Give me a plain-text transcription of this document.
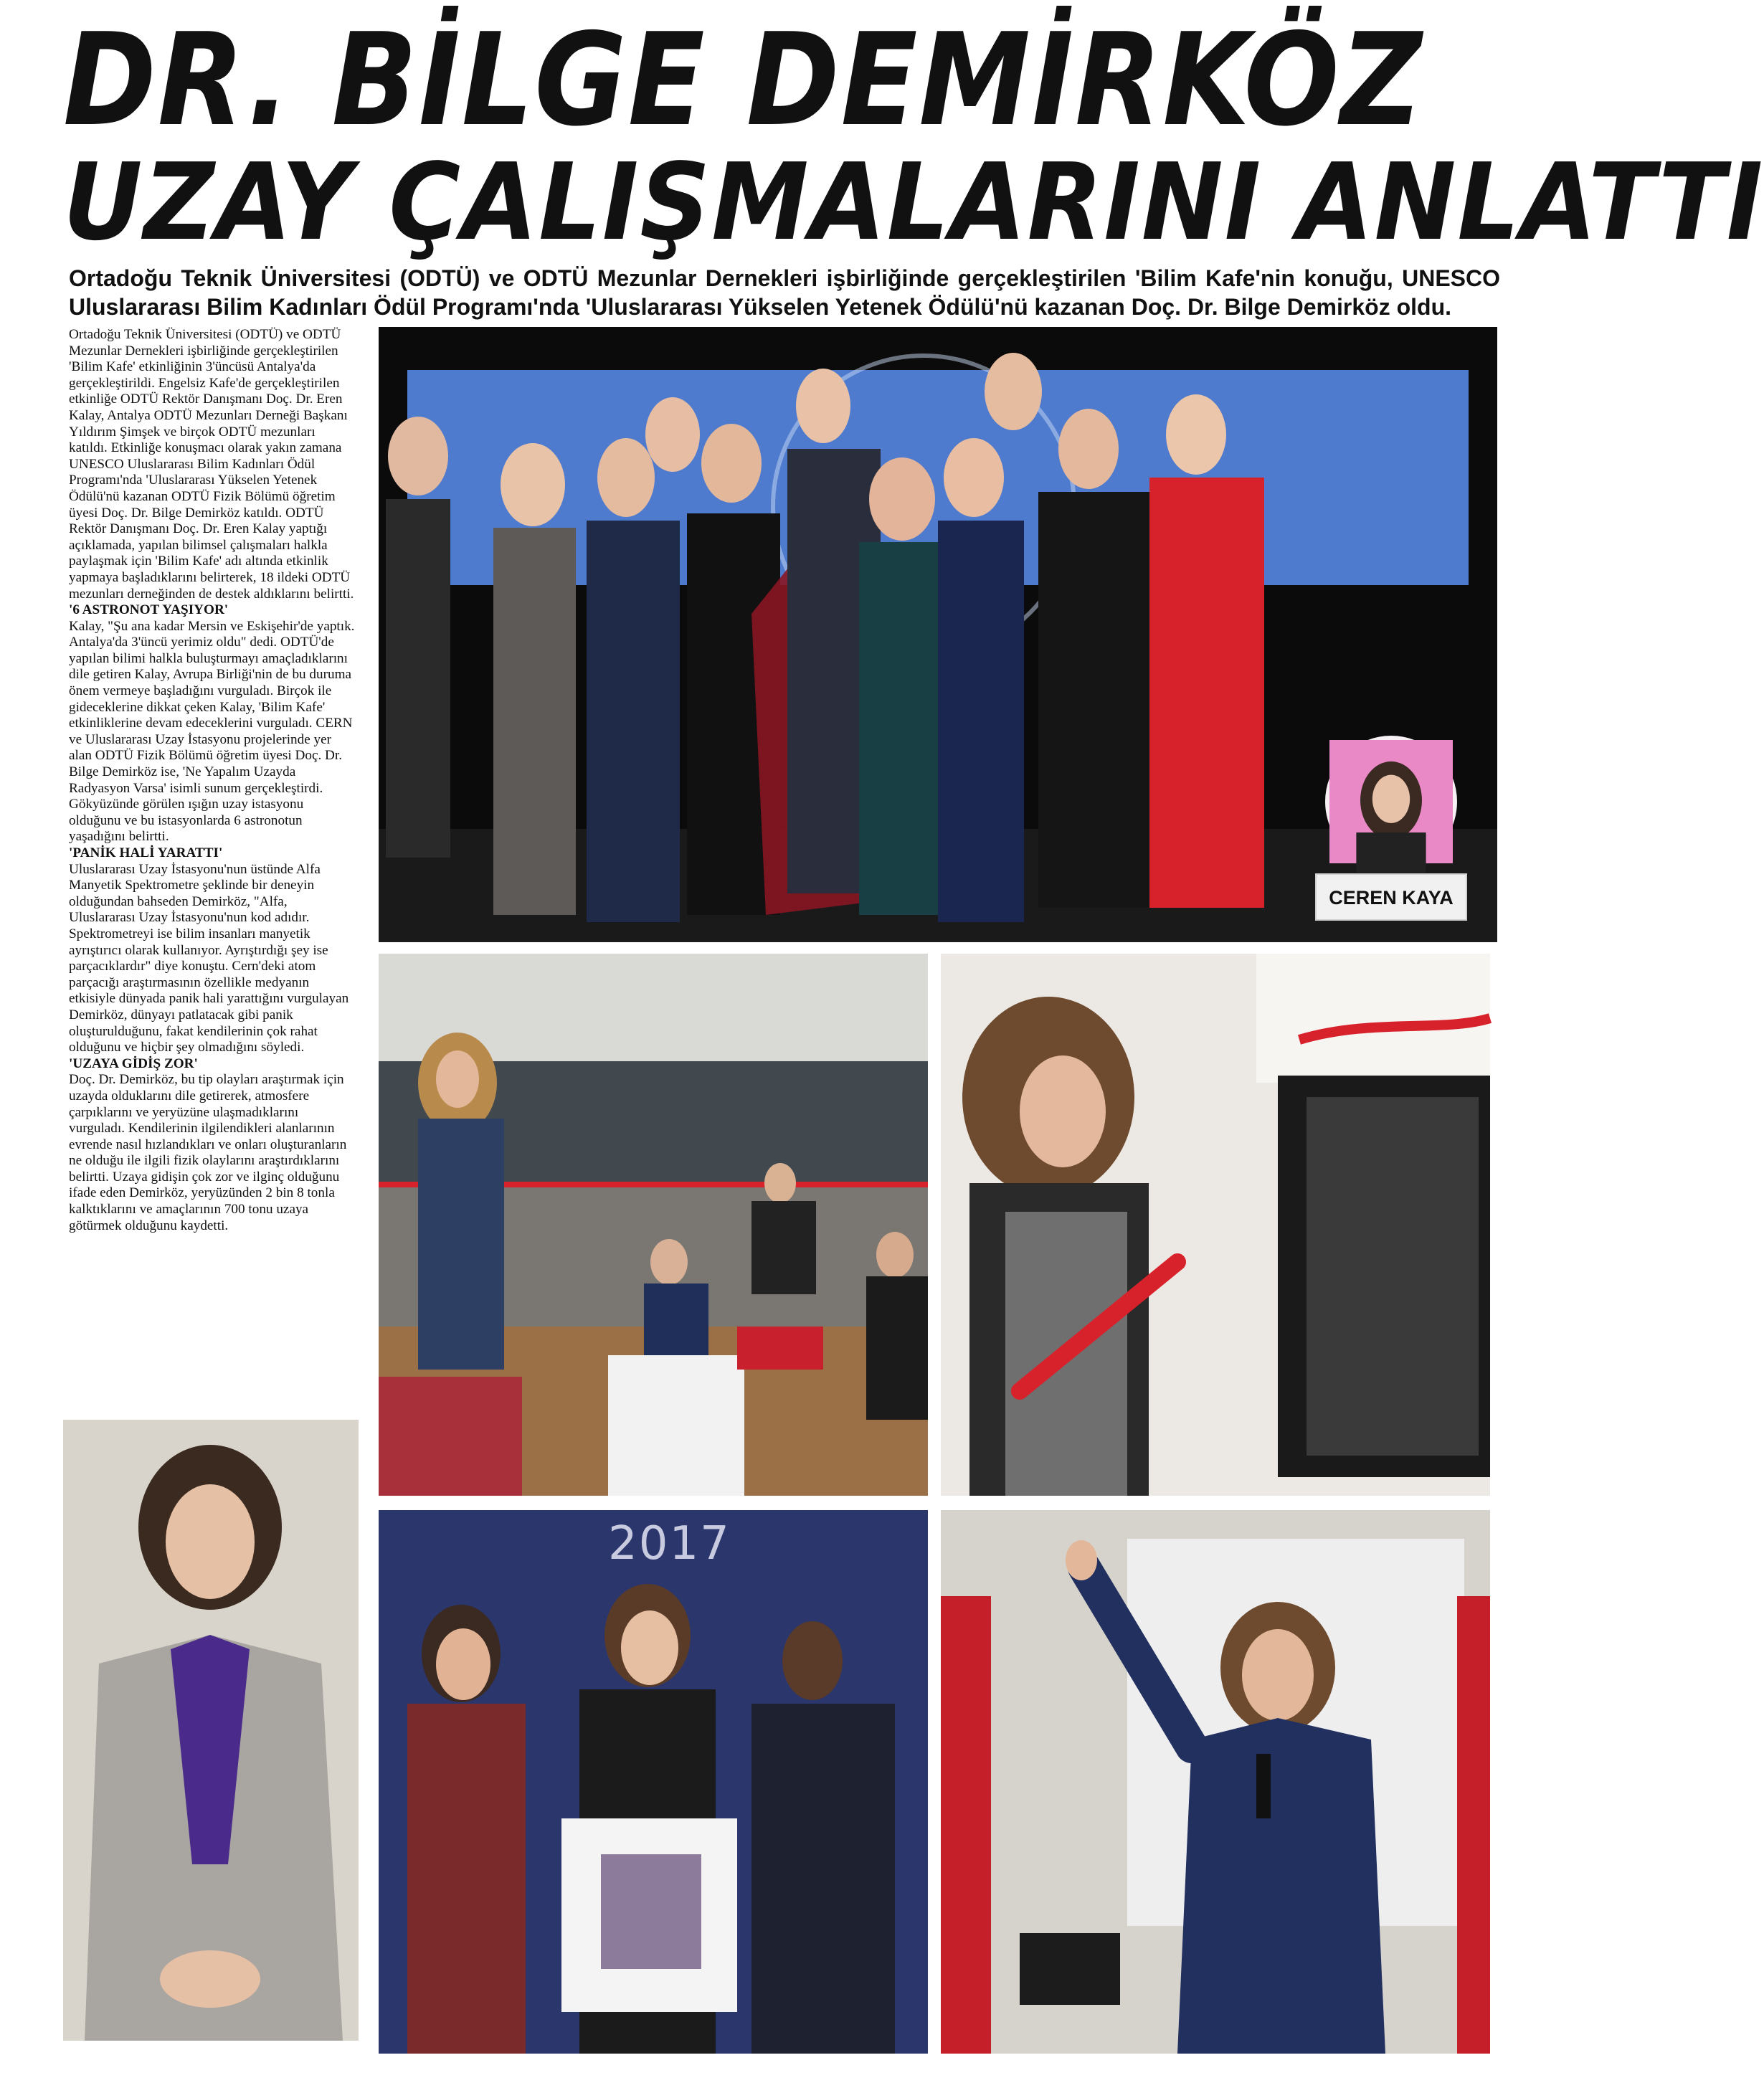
DR. BİLGE DEMİRKÖZ
UZAY ÇALIŞMALARINI ANLATTI

Ortadoğu Teknik Üniversitesi (ODTÜ) ve ODTÜ Mezunlar Dernekleri işbirliğinde gerçekleştirilen 'Bilim Kafe'nin konuğu, UNESCO Uluslararası Bilim Kadınları Ödül Programı'nda 'Uluslararası Yükselen Yetenek Ödülü'nü kazanan Doç. Dr. Bilge Demirköz oldu.

Ortadoğu Teknik Üniversitesi (ODTÜ) ve ODTÜ Mezunlar Dernekleri işbirliğinde gerçekleştirilen 'Bilim Kafe' etkinliğinin 3'üncüsü Antalya'da gerçekleştirildi. Engelsiz Kafe'de gerçekleştirilen etkinliğe ODTÜ Rektör Danışmanı Doç. Dr. Eren Kalay, Antalya ODTÜ Mezunları Derneği Başkanı Yıldırım Şimşek ve birçok ODTÜ mezunları katıldı. Etkinliğe konuşmacı olarak yakın zamana UNESCO Uluslararası Bilim Kadınları Ödül Programı'nda 'Uluslararası Yükselen Yetenek Ödülü'nü kazanan ODTÜ Fizik Bölümü öğretim üyesi Doç. Dr. Bilge Demirköz katıldı. ODTÜ Rektör Danışmanı Doç. Dr. Eren Kalay yaptığı açıklamada, yapılan bilimsel çalışmaları halkla paylaşmak için 'Bilim Kafe' adı altında etkinlik yapmaya başladıklarını belirterek, 18 ildeki ODTÜ mezunları derneğinden de destek aldıklarını belirtti.

'6 ASTRONOT YAŞIYOR'

Kalay, "Şu ana kadar Mersin ve Eskişehir'de yaptık. Antalya'da 3'üncü yerimiz oldu" dedi. ODTÜ'de yapılan bilimi halkla buluşturmayı amaçladıklarını dile getiren Kalay, Avrupa Birliği'nin de bu duruma önem vermeye başladığını vurguladı. Birçok ile gideceklerine dikkat çeken Kalay, 'Bilim Kafe' etkinliklerine devam edeceklerini vurguladı. CERN ve Uluslararası Uzay İstasyonu projelerinde yer alan ODTÜ Fizik Bölümü öğretim üyesi Doç. Dr. Bilge Demirköz ise, 'Ne Yapalım Uzayda Radyasyon Varsa' isimli sunum gerçekleştirdi. Gökyüzünde görülen ışığın uzay istasyonu olduğunu ve bu istasyonlarda 6 astronotun yaşadığını belirtti.

'PANİK HALİ YARATTI'

Uluslararası Uzay İstasyonu'nun üstünde Alfa Manyetik Spektrometre şeklinde bir deneyin olduğundan bahseden Demirköz, "Alfa, Uluslararası Uzay İstasyonu'nun kod adıdır. Spektrometreyi ise bilim insanları manyetik ayrıştırıcı olarak kullanıyor. Ayrıştırdığı şey ise parçacıklardır" diye konuştu. Cern'deki atom parçacığı araştırmasının özellikle medyanın etkisiyle dünyada panik hali yarattığını vurgulayan Demirköz, dünyayı patlatacak gibi panik oluşturulduğunu, fakat kendilerinin çok rahat olduğunu ve hiçbir şey olmadığını söyledi.

'UZAYA GİDİŞ ZOR'

Doç. Dr. Demirköz, bu tip olayları araştırmak için uzayda olduklarını dile getirerek, atmosfere çarpıklarını ve yeryüzüne ulaşmadıklarını vurguladı. Kendilerinin ilgilendikleri alanlarının evrende nasıl hızlandıkları ve onları oluşturanların ne olduğu ile ilgili fizik olaylarını araştırdıklarını belirtti. Uzaya gidişin çok zor ve ilginç olduğunu ifade eden Demirköz, yeryüzünden 2 bin 8 tonla kalktıklarını ve amaçlarının 700 tonu uzaya götürmek olduğunu kaydetti.

CEREN KAYA
2017
